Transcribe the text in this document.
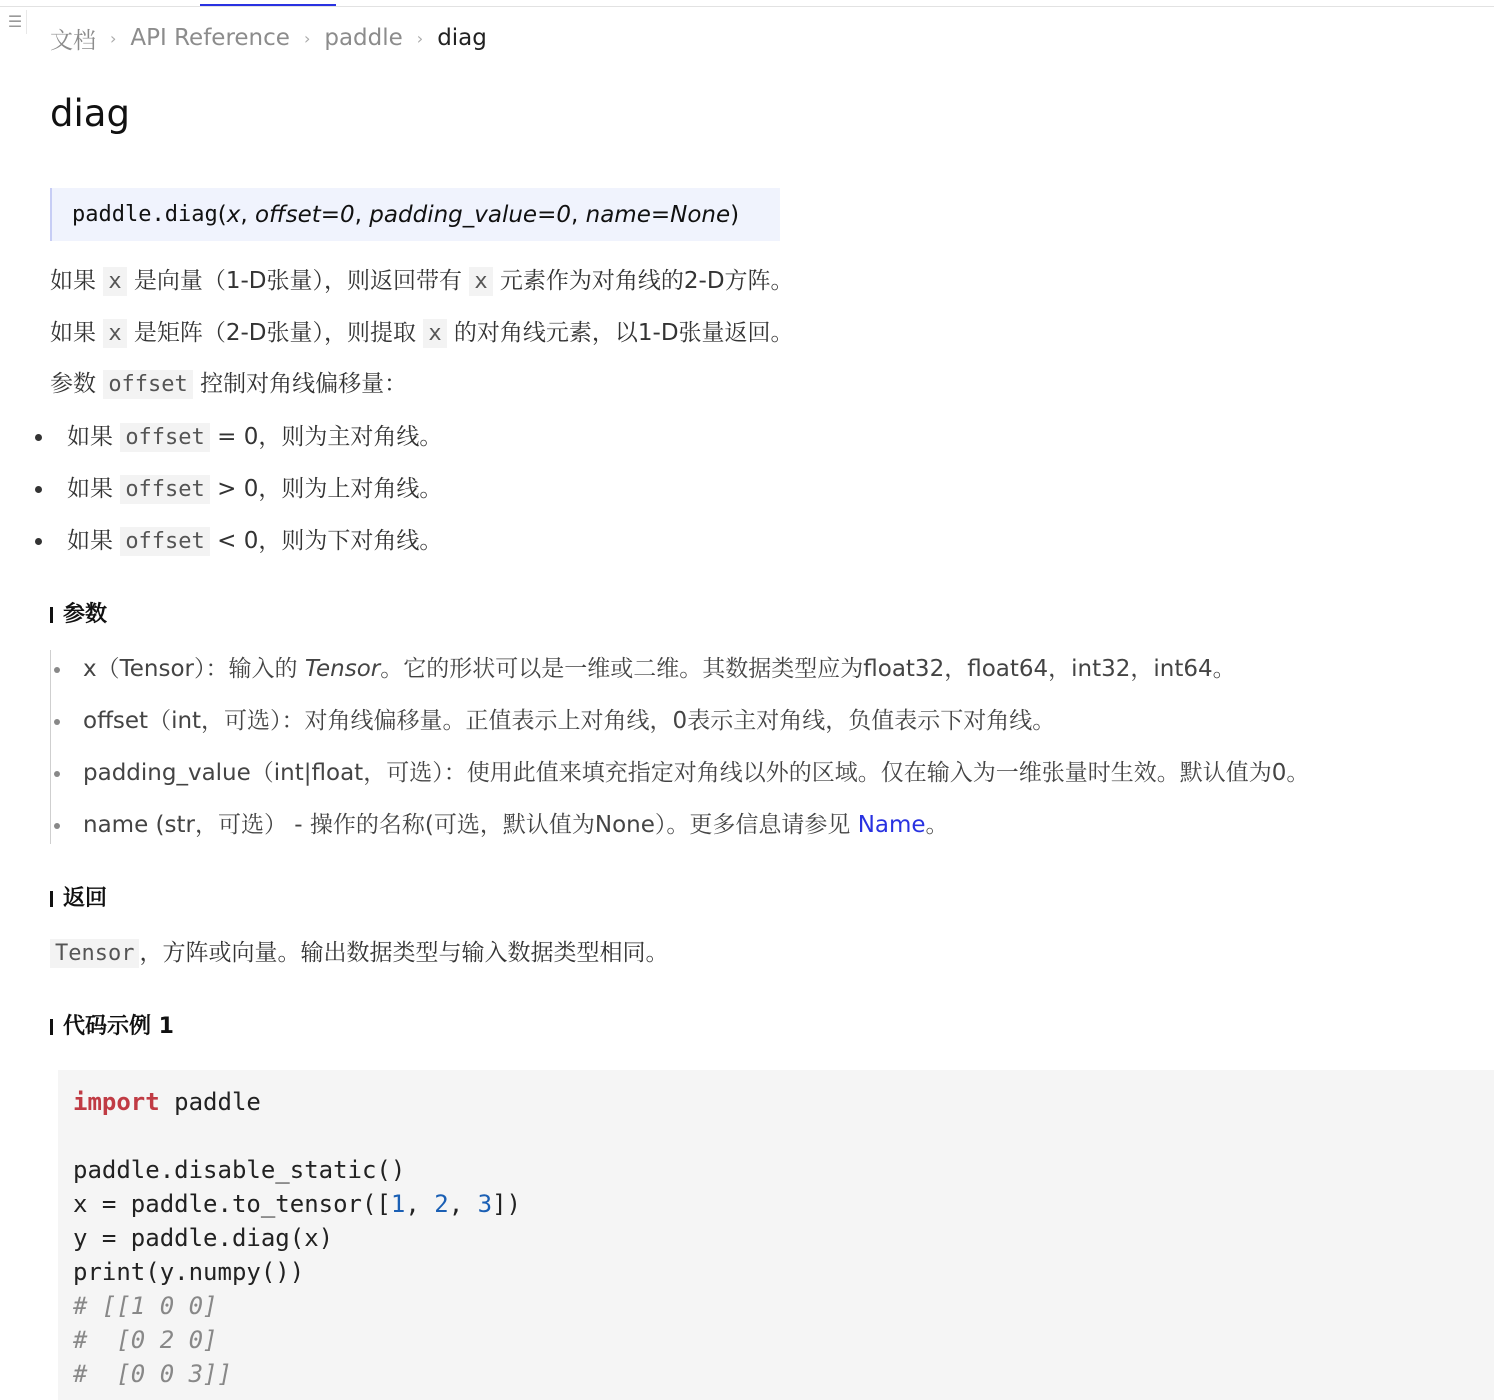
☰
文档 › API Reference › paddle › diag
diag
paddle.diag ( x , offset=0 , padding_value=0 , name=None )

如果 x 是向量（1-D张量），则返回带有 x 元素作为对角线的2-D方阵。

如果 x 是矩阵（2-D张量），则提取 x 的对角线元素，以1-D张量返回。

参数 offset 控制对角线偏移量：

如果 offset = 0，则为主对角线。
如果 offset > 0，则为上对角线。
如果 offset < 0，则为下对角线。
参数
x（Tensor）：输入的 Tensor。它的形状可以是一维或二维。其数据类型应为float32，float64，int32，int64。
offset（int，可选）：对角线偏移量。正值表示上对角线，0表示主对角线，负值表示下对角线。
padding_value（int|float，可选）：使用此值来填充指定对角线以外的区域。仅在输入为一维张量时生效。默认值为0。
name (str，可选） - 操作的名称(可选，默认值为None）。更多信息请参见 Name。
返回

Tensor ，方阵或向量。输出数据类型与输入数据类型相同。

代码示例 1
import paddle
paddle.disable_static()
x = paddle.to_tensor([1, 2, 3])
y = paddle.diag(x)
print(y.numpy())
# [[1 0 0]
#  [0 2 0]
#  [0 0 3]]
